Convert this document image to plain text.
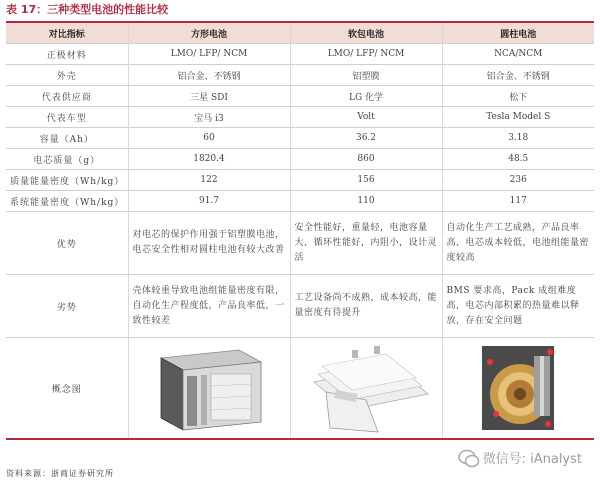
表 17：三种类型电池的性能比较
对比指标	方形电池	软包电池	圆柱电池
正极材料	LMO/ LFP/ NCM	LMO/ LFP/ NCM	NCA/NCM
外壳	铝合金、不锈钢	铝塑膜	铝合金、不锈钢
代表供应商	三星 SDI	LG 化学	松下
代表车型	宝马 i3	Volt	Tesla Model S
容量（Ah）	60	36.2	3.18
电芯质量（g）	1820.4	860	48.5
质量能量密度（Wh/kg）	122	156	236
系统能量密度（Wh/kg）	91.7	110	117
优势	对电芯的保护作用强于铝塑膜电池，电芯安全性相对圆柱电池有较大改善	安全性能好，重量轻，电池容量大，循环性能好，内阻小，设计灵活	自动化生产工艺成熟，产品良率高，电芯成本较低，电池组能量密度较高
劣势	壳体较重导致电池组能量密度有限，自动化生产程度低，产品良率低，一致性较差	工艺设备尚不成熟，成本较高，能量密度有待提升	BMS 要求高，Pack 成组难度高，电芯内部积累的热量难以释放，存在安全问题
概念图	

资料来源：浙商证券研究所
微信号: iAnalyst
